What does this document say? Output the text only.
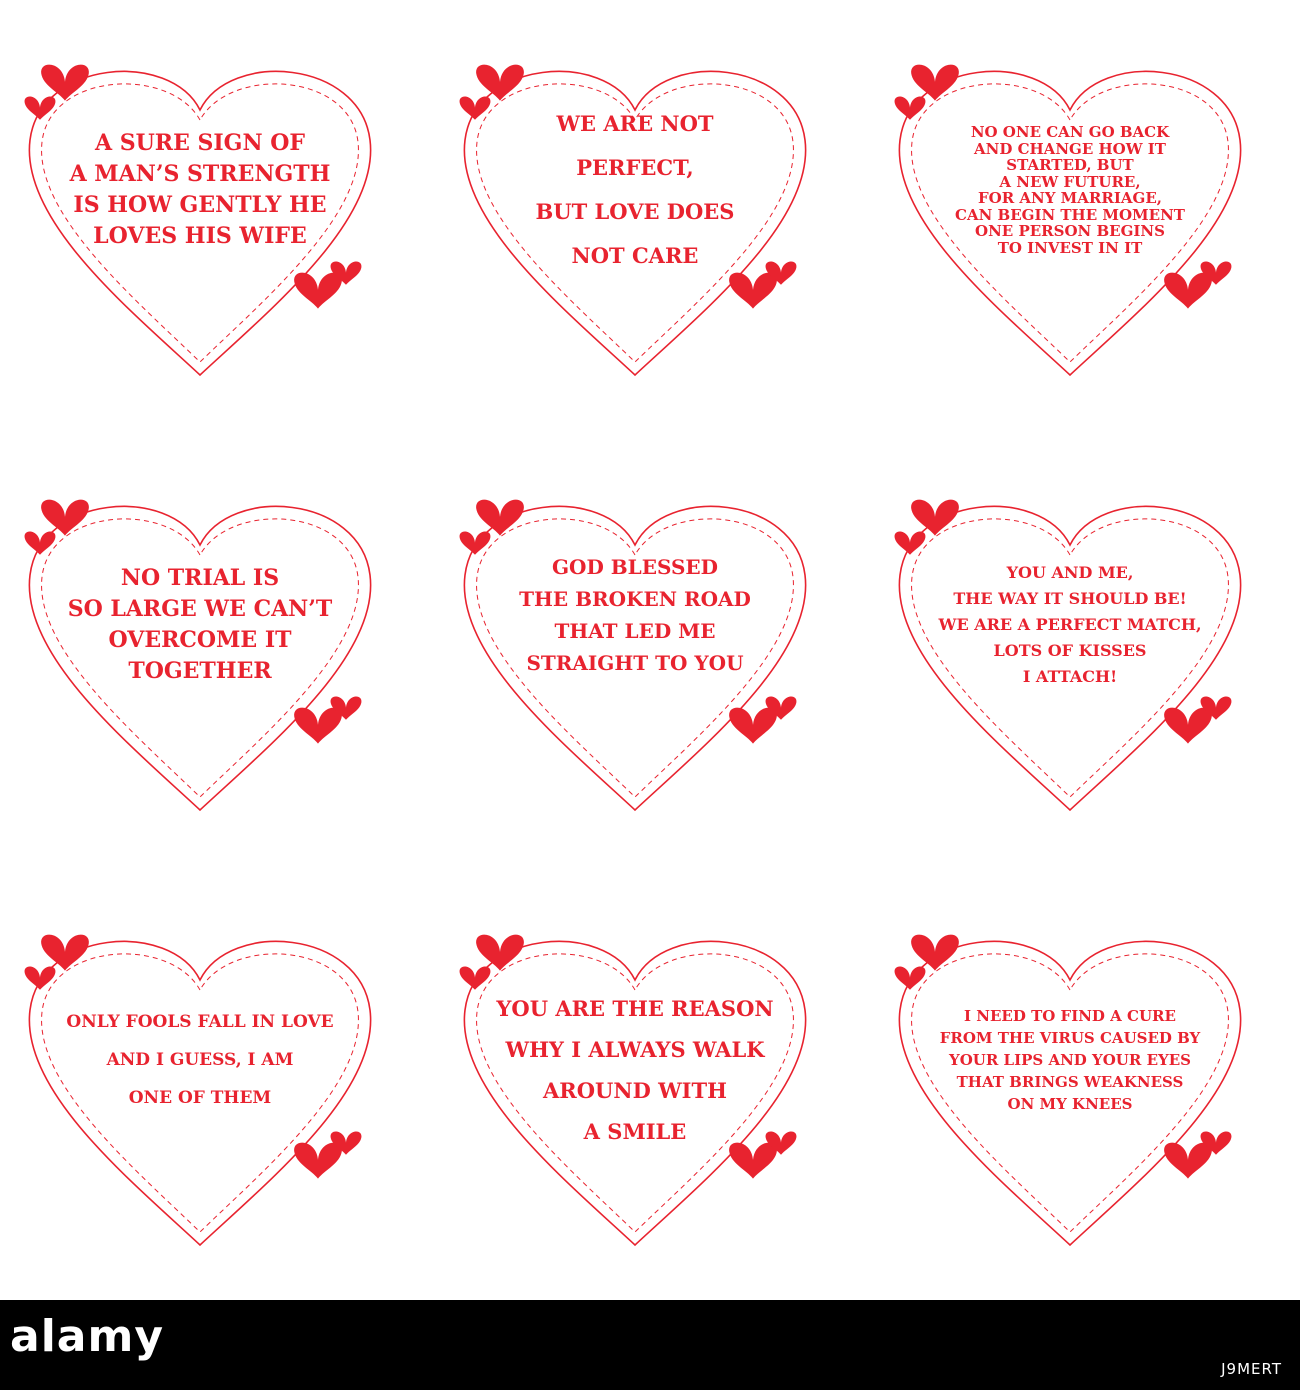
A SURE SIGN OF
A MAN’S STRENGTH
IS HOW GENTLY HE
LOVES HIS WIFE
WE ARE NOT PERFECT,
BUT LOVE DOES
NOT CARE
NO ONE CAN GO BACK
AND CHANGE HOW IT
STARTED, BUT
A NEW FUTURE,
FOR ANY MARRIAGE,
CAN BEGIN THE MOMENT
ONE PERSON BEGINS
TO INVEST IN IT
NO TRIAL IS
SO LARGE WE CAN’T
OVERCOME IT
TOGETHER
GOD BLESSED
THE BROKEN ROAD
THAT LED ME
STRAIGHT TO YOU
YOU AND ME,
THE WAY IT SHOULD BE!
WE ARE A PERFECT MATCH,
LOTS OF KISSES
I ATTACH!
ONLY FOOLS FALL IN LOVE
AND I GUESS, I AM
ONE OF THEM
YOU ARE THE REASON
WHY I ALWAYS WALK
AROUND WITH
A SMILE
I NEED TO FIND A CURE
FROM THE VIRUS CAUSED BY
YOUR LIPS AND YOUR EYES
THAT BRINGS WEAKNESS
ON MY KNEES
alamy
J9MERT
